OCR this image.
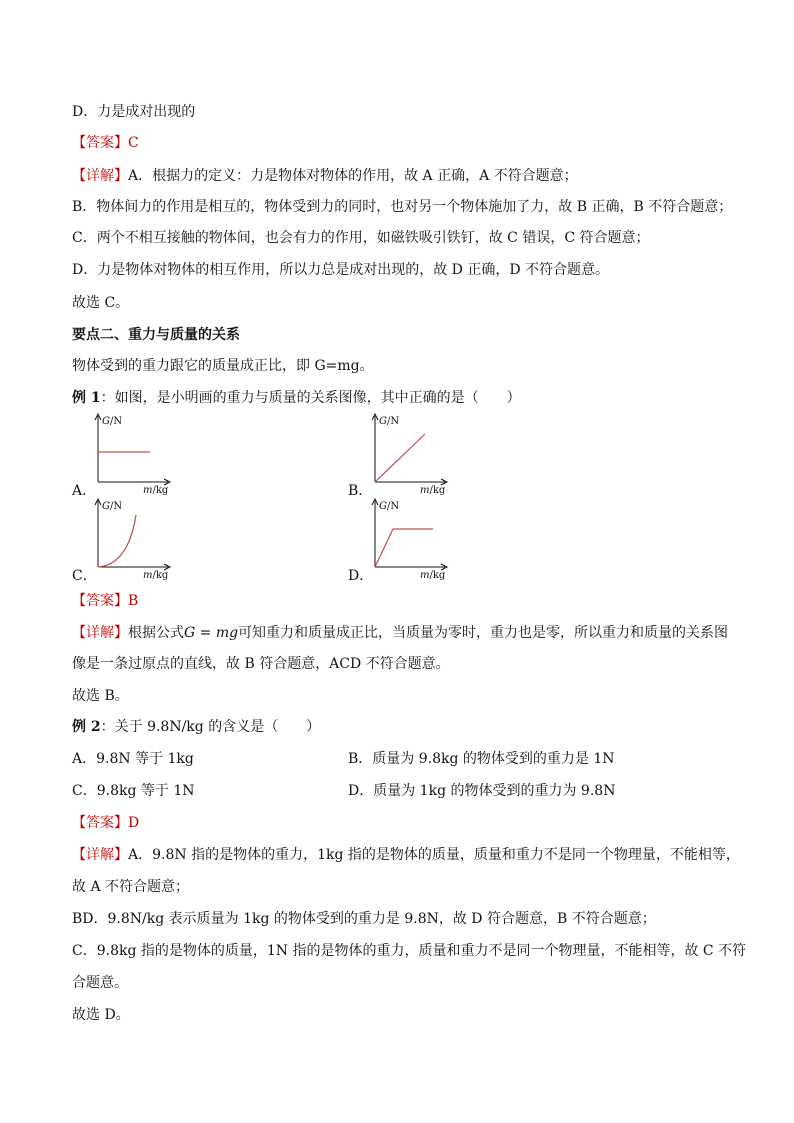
D．力是成对出现的
【答案】C
【详解】A．根据力的定义：力是物体对物体的作用，故 A 正确，A 不符合题意；
B．物体间力的作用是相互的，物体受到力的同时，也对另一个物体施加了力，故 B 正确，B 不符合题意；
C．两个不相互接触的物体间，也会有力的作用，如磁铁吸引铁钉，故 C 错误，C 符合题意；
D．力是物体对物体的相互作用，所以力总是成对出现的，故 D 正确，D 不符合题意。
故选 C。
要点二、重力与质量的关系
物体受到的重力跟它的质量成正比，即 G=mg。
例 1：如图，是小明画的重力与质量的关系图像，其中正确的是（　　）
A．
G/N
m/kg	B．
G/N
m/kg
C．
G/N
m/kg	D．
G/N
m/kg
【答案】B
【详解】根据公式G = mg可知重力和质量成正比，当质量为零时，重力也是零，所以重力和质量的关系图
像是一条过原点的直线，故 B 符合题意，ACD 不符合题意。
故选 B。
例 2：关于 9.8N/kg 的含义是（　　）
A．9.8N 等于 1kg	B．质量为 9.8kg 的物体受到的重力是 1N
C．9.8kg 等于 1N	D．质量为 1kg 的物体受到的重力为 9.8N
【答案】D
【详解】A．9.8N 指的是物体的重力，1kg 指的是物体的质量，质量和重力不是同一个物理量，不能相等，
故 A 不符合题意；
BD．9.8N/kg 表示质量为 1kg 的物体受到的重力是 9.8N，故 D 符合题意，B 不符合题意；
C．9.8kg 指的是物体的质量，1N 指的是物体的重力，质量和重力不是同一个物理量，不能相等，故 C 不符
合题意。
故选 D。
